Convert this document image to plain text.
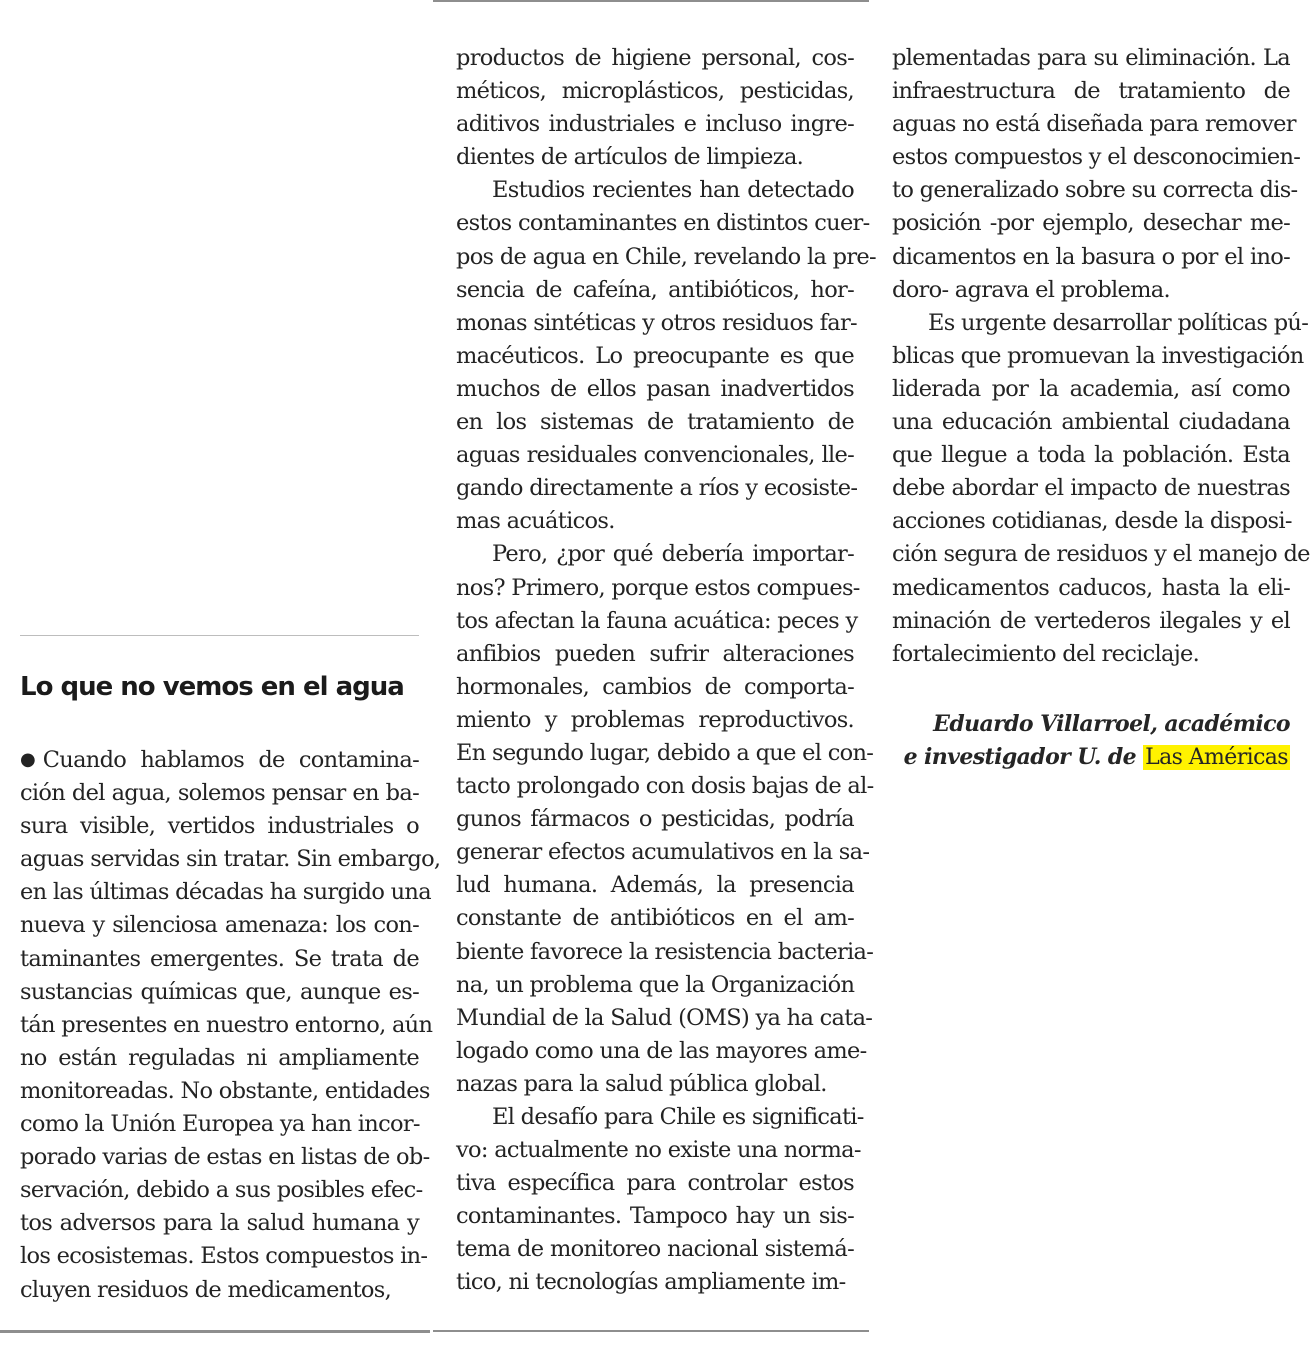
Lo que no vemos en el agua
●Cuando hablamos de contamina-
ción del agua, solemos pensar en ba-
sura visible, vertidos industriales o
aguas servidas sin tratar. Sin embargo,
en las últimas décadas ha surgido una
nueva y silenciosa amenaza: los con-
taminantes emergentes. Se trata de
sustancias químicas que, aunque es-
tán presentes en nuestro entorno, aún
no están reguladas ni ampliamente
monitoreadas. No obstante, entidades
como la Unión Europea ya han incor-
porado varias de estas en listas de ob-
servación, debido a sus posibles efec-
tos adversos para la salud humana y
los ecosistemas. Estos compuestos in-
cluyen residuos de medicamentos,
productos de higiene personal, cos-
méticos, microplásticos, pesticidas,
aditivos industriales e incluso ingre-
dientes de artículos de limpieza.
Estudios recientes han detectado
estos contaminantes en distintos cuer-
pos de agua en Chile, revelando la pre-
sencia de cafeína, antibióticos, hor-
monas sintéticas y otros residuos far-
macéuticos. Lo preocupante es que
muchos de ellos pasan inadvertidos
en los sistemas de tratamiento de
aguas residuales convencionales, lle-
gando directamente a ríos y ecosiste-
mas acuáticos.
Pero, ¿por qué debería importar-
nos? Primero, porque estos compues-
tos afectan la fauna acuática: peces y
anfibios pueden sufrir alteraciones
hormonales, cambios de comporta-
miento y problemas reproductivos.
En segundo lugar, debido a que el con-
tacto prolongado con dosis bajas de al-
gunos fármacos o pesticidas, podría
generar efectos acumulativos en la sa-
lud humana. Además, la presencia
constante de antibióticos en el am-
biente favorece la resistencia bacteria-
na, un problema que la Organización
Mundial de la Salud (OMS) ya ha cata-
logado como una de las mayores ame-
nazas para la salud pública global.
El desafío para Chile es significati-
vo: actualmente no existe una norma-
tiva específica para controlar estos
contaminantes. Tampoco hay un sis-
tema de monitoreo nacional sistemá-
tico, ni tecnologías ampliamente im-
plementadas para su eliminación. La
infraestructura de tratamiento de
aguas no está diseñada para remover
estos compuestos y el desconocimien-
to generalizado sobre su correcta dis-
posición -por ejemplo, desechar me-
dicamentos en la basura o por el ino-
doro- agrava el problema.
Es urgente desarrollar políticas pú-
blicas que promuevan la investigación
liderada por la academia, así como
una educación ambiental ciudadana
que llegue a toda la población. Esta
debe abordar el impacto de nuestras
acciones cotidianas, desde la disposi-
ción segura de residuos y el manejo de
medicamentos caducos, hasta la eli-
minación de vertederos ilegales y el
fortalecimiento del reciclaje.
Eduardo Villarroel, académico
e investigador U. de Las Américas
